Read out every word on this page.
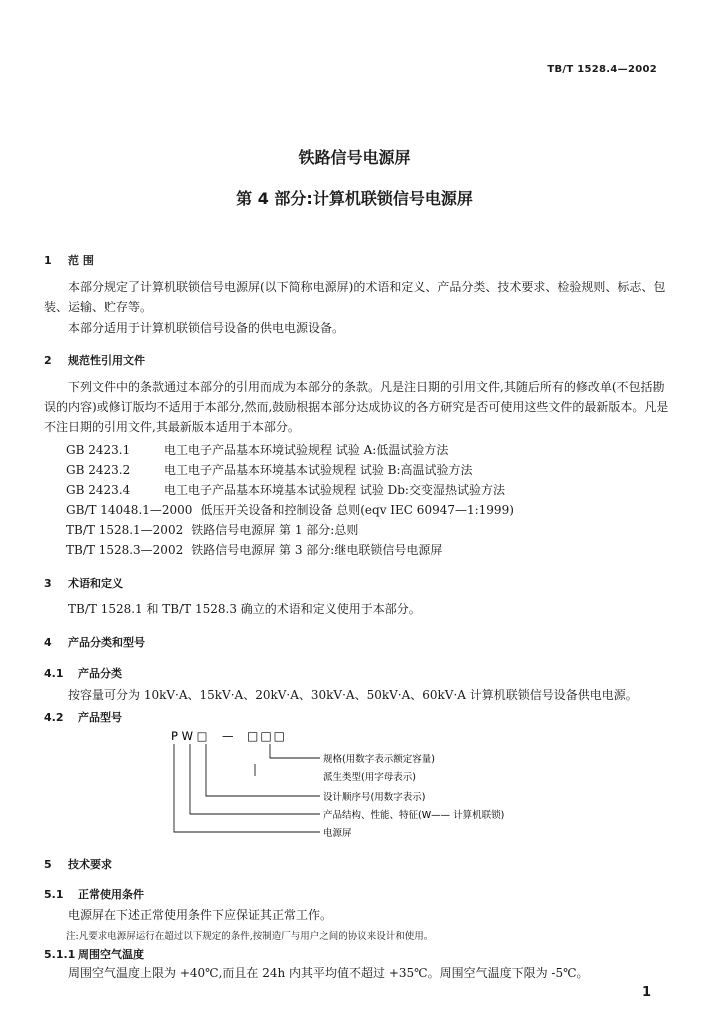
TB/T 1528.4—2002
铁路信号电源屏
第 4 部分:计算机联锁信号电源屏
1 范 围
本部分规定了计算机联锁信号电源屏(以下简称电源屏)的术语和定义、产品分类、技术要求、检验规则、标志、包装、运输、贮存等。
本部分适用于计算机联锁信号设备的供电电源设备。
2 规范性引用文件
下列文件中的条款通过本部分的引用而成为本部分的条款。凡是注日期的引用文件,其随后所有的修改单(不包括勘误的内容)或修订版均不适用于本部分,然而,鼓励根据本部分达成协议的各方研究是否可使用这些文件的最新版本。凡是不注日期的引用文件,其最新版本适用于本部分。
GB 2423.1	电工电子产品基本环境试验规程 试验 A:低温试验方法
GB 2423.2	电工电子产品基本环境基本试验规程 试验 B:高温试验方法
GB 2423.4	电工电子产品基本环境基本试验规程 试验 Db:交变湿热试验方法
GB/T 14048.1—2000 低压开关设备和控制设备 总则(eqv IEC 60947—1:1999)
TB/T 1528.1—2002 铁路信号电源屏 第 1 部分:总则
TB/T 1528.3—2002 铁路信号电源屏 第 3 部分:继电联锁信号电源屏
3 术语和定义
TB/T 1528.1 和 TB/T 1528.3 确立的术语和定义使用于本部分。
4 产品分类和型号
4.1 产品分类
按容量可分为 10kV·A、15kV·A、20kV·A、30kV·A、50kV·A、60kV·A 计算机联锁信号设备供电电源。
4.2 产品型号
P W □ — □□□
规格(用数字表示额定容量)
派生类型(用字母表示)
设计顺序号(用数字表示)
产品结构、性能、特征(W—— 计算机联锁)
电源屏
5 技术要求
5.1 正常使用条件
电源屏在下述正常使用条件下应保证其正常工作。
注:凡要求电源屏运行在超过以下规定的条件,按制造厂与用户之间的协议来设计和使用。
5.1.1 周围空气温度
周围空气温度上限为 +40℃,而且在 24h 内其平均值不超过 +35℃。周围空气温度下限为 -5℃。
1
